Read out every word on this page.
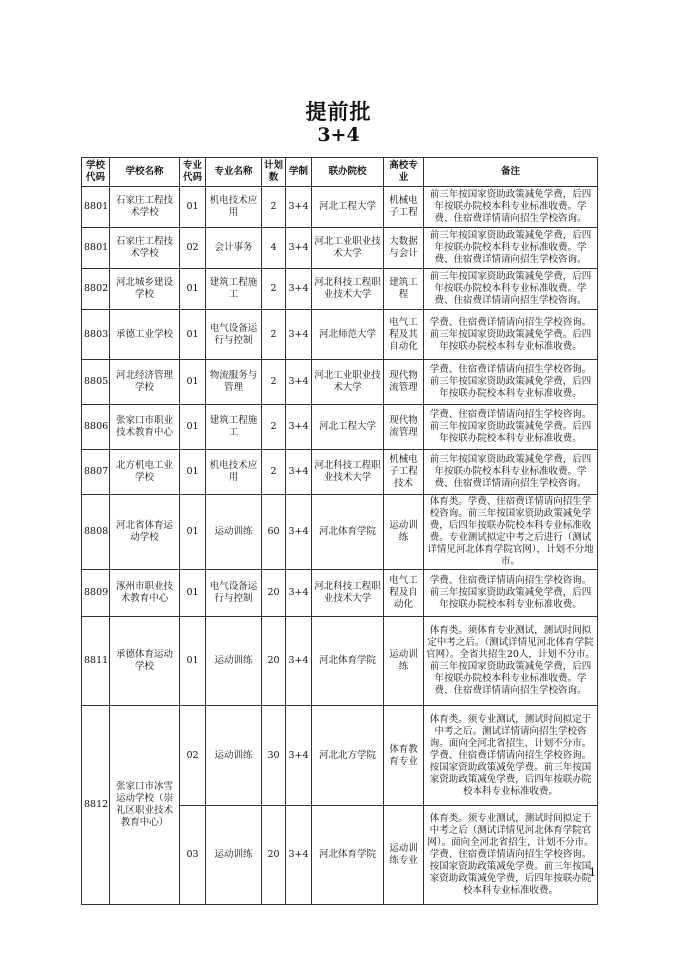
提前批
3+4
学校代码	学校名称	专业代码	专业名称	计划数	学制	联办院校	高校专业	备注
8801	石家庄工程技术学校	01	机电技术应用	2	3+4	河北工程大学	机械电子工程	前三年按国家资助政策减免学费，后四年按联办院校本科专业标准收费。学费、住宿费详情请向招生学校咨询。
8801	石家庄工程技术学校	02	会计事务	4	3+4	河北工业职业技术大学	大数据与会计	前三年按国家资助政策减免学费，后四年按联办院校本科专业标准收费。学费、住宿费详情请向招生学校咨询。
8802	河北城乡建设学校	01	建筑工程施工	2	3+4	河北科技工程职业技术大学	建筑工程	前三年按国家资助政策减免学费，后四年按联办院校本科专业标准收费。学费、住宿费详情请向招生学校咨询。
8803	承德工业学校	01	电气设备运行与控制	2	3+4	河北师范大学	电气工程及其自动化	学费、住宿费详情请向招生学校咨询。前三年按国家资助政策减免学费。后四年按联办院校本科专业标准收费。
8805	河北经济管理学校	01	物流服务与管理	2	3+4	河北工业职业技术大学	现代物流管理	学费、住宿费详情请向招生学校咨询。前三年按国家资助政策减免学费，后四年按联办院校本科专业标准收费。
8806	张家口市职业技术教育中心	01	建筑工程施工	2	3+4	河北工程大学	现代物流管理	学费、住宿费详情请向招生学校咨询。前三年按国家资助政策减免学费。后四年按联办院校本科专业标准收费。
8807	北方机电工业学校	01	机电技术应用	2	3+4	河北科技工程职业技术大学	机械电子工程技术	前三年按国家资助政策减免学费，后四年按联办院校本科专业标准收费。学费、住宿费详情请向招生学校咨询。
8808	河北省体育运动学校	01	运动训练	60	3+4	河北体育学院	运动训练	体育类。学费、住宿费详情请向招生学校咨询。前三年按国家资助政策减免学费，后四年按联办院校本科专业标准收费。专业测试拟定中考之后进行（测试详情见河北体育学院官网），计划不分地市。
8809	涿州市职业技术教育中心	01	电气设备运行与控制	20	3+4	河北科技工程职业技术大学	电气工程及自动化	学费、住宿费详情请向招生学校咨询。前三年按国家资助政策减免学费，后四年按联办院校本科专业标准收费。
8811	承德体育运动学校	01	运动训练	20	3+4	河北体育学院	运动训练	体育类。须体育专业测试，测试时间拟定中考之后。（测试详情见河北体育学院官网）。全省共招生20人，计划不分市。前三年按国家资助政策减免学费，后四年按联办院校本科专业标准收费。学费、住宿费详情请向招生学校咨询。
8812	张家口市冰雪运动学校（崇礼区职业技术教育中心）	02	运动训练	30	3+4	河北北方学院	体育教育专业	体育类。须专业测试，测试时间拟定于中考之后。测试详情请向招生学校咨询。面向全河北省招生，计划不分市。学费、住宿费详情请向招生学校咨询。按国家资助政策减免学费。前三年按国家资助政策减免学费，后四年按联办院校本科专业标准收费。
		03	运动训练	20	3+4	河北体育学院	运动训练专业	体育类。须专业测试，测试时间拟定于中考之后（测试详情见河北体育学院官网）。面向全河北省招生，计划不分市。学费、住宿费详情请向招生学校咨询。按国家资助政策减免学费。前三年按国家资助政策减免学费，后四年按联办院校本科专业标准收费。
1
